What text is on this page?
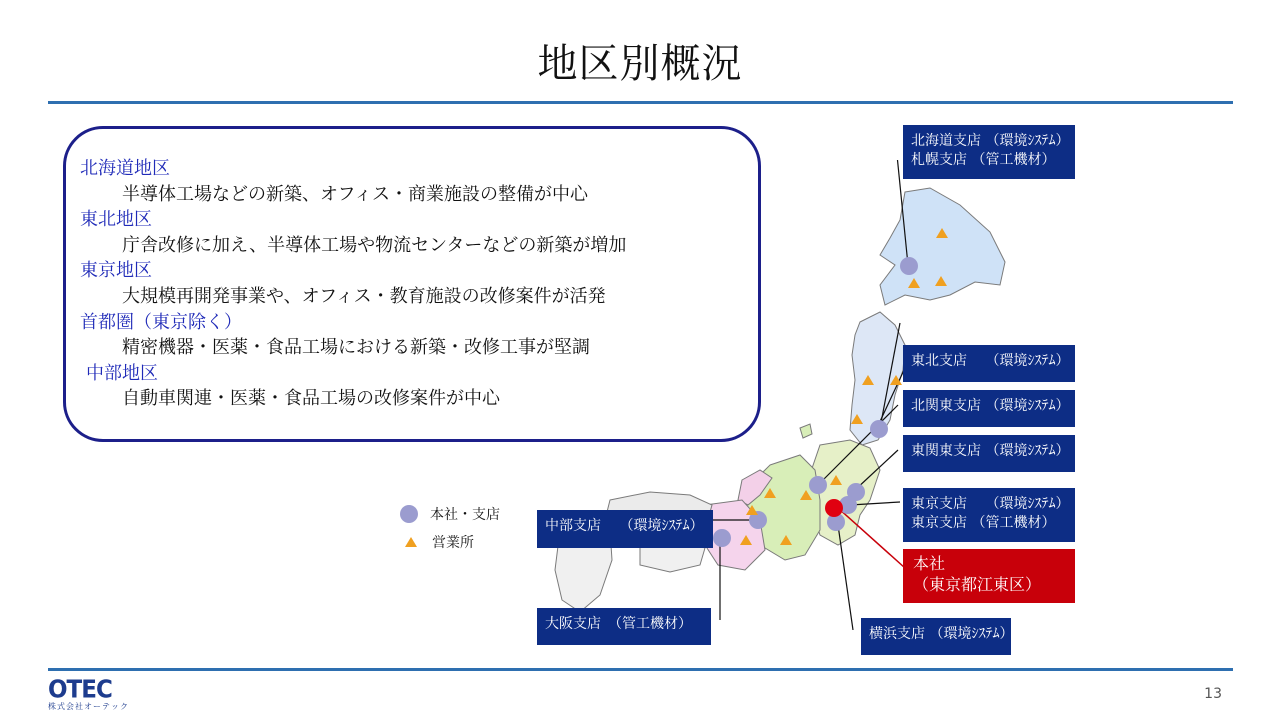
地区別概況
北海道地区
半導体工場などの新築、オフィス・商業施設の整備が中心
東北地区
庁舎改修に加え、半導体工場や物流センターなどの新築が増加
東京地区
大規模再開発事業や、オフィス・教育施設の改修案件が活発
首都圏（東京除く）
精密機器・医薬・食品工場における新築・改修工事が堅調
中部地区
自動車関連・医薬・食品工場の改修案件が中心
本社・支店
営業所
北海道支店 （環境ｼｽﾃﾑ）
札幌支店 （管工機材）
東北支店　 （環境ｼｽﾃﾑ）
北関東支店 （環境ｼｽﾃﾑ）
東関東支店 （環境ｼｽﾃﾑ）
東京支店　 （環境ｼｽﾃﾑ）
東京支店 （管工機材）
本社
（東京都江東区）
中部支店　 （環境ｼｽﾃﾑ）
大阪支店　（管工機材）
横浜支店 （環境ｼｽﾃﾑ）
OTEC
株式会社オーテック
13
